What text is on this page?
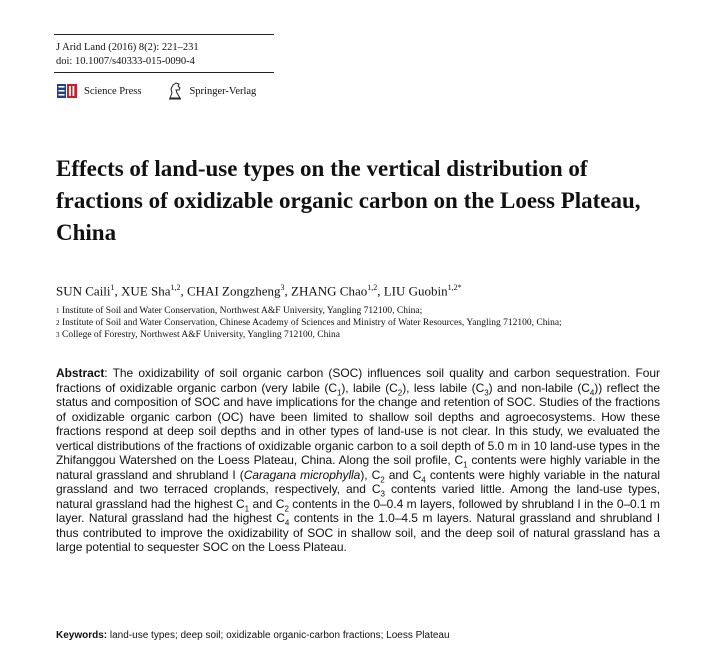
J Arid Land (2016) 8(2): 221–231
doi: 10.1007/s40333-015-0090-4
Science Press	Springer-Verlag
Effects of land-use types on the vertical distribution of fractions of oxidizable organic carbon on the Loess Plateau, China
SUN Caili$^1$, XUE Sha$^{1,2}$, CHAI Zongzheng$^3$, ZHANG Chao$^{1,2}$, LIU Guobin$^{1,2*}$
1 Institute of Soil and Water Conservation, Northwest A&F University, Yangling 712100, China;
2 Institute of Soil and Water Conservation, Chinese Academy of Sciences and Ministry of Water Resources, Yangling 712100, China;
3 College of Forestry, Northwest A&F University, Yangling 712100, China

Abstract: The oxidizability of soil organic carbon (SOC) influences soil quality and carbon sequestration. Four fractions of oxidizable organic carbon (very labile $(C_1)$, labile $(C_2)$, less labile $(C_3)$ and non-labile $(C_4)$) reflect the status and composition of SOC and have implications for the change and retention of SOC. Studies of the fractions of oxidizable organic carbon (OC) have been limited to shallow soil depths and agroecosystems. How these fractions respond at deep soil depths and in other types of land-use is not clear. In this study, we evaluated the vertical distributions of the fractions of oxidizable organic carbon to a soil depth of 5.0 m in 10 land-use types in the Zhifanggou Watershed on the Loess Plateau, China. Along the soil profile, $C_1$ contents were highly variable in the natural grassland and shrubland I (Caragana microphylla), $C_2$ and $C_4$ contents were highly variable in the natural grassland and two terraced croplands, respectively, and $C_3$ contents varied little. Among the land-use types, natural grassland had the highest $C_1$ and $C_2$ contents in the 0–0.4 m layers, followed by shrubland I in the 0–0.1 m layer. Natural grassland had the highest $C_4$ contents in the 1.0–4.5 m layers. Natural grassland and shrubland I thus contributed to improve the oxidizability of SOC in shallow soil, and the deep soil of natural grassland has a large potential to sequester SOC on the Loess Plateau.

Keywords: land-use types; deep soil; oxidizable organic-carbon fractions; Loess Plateau
